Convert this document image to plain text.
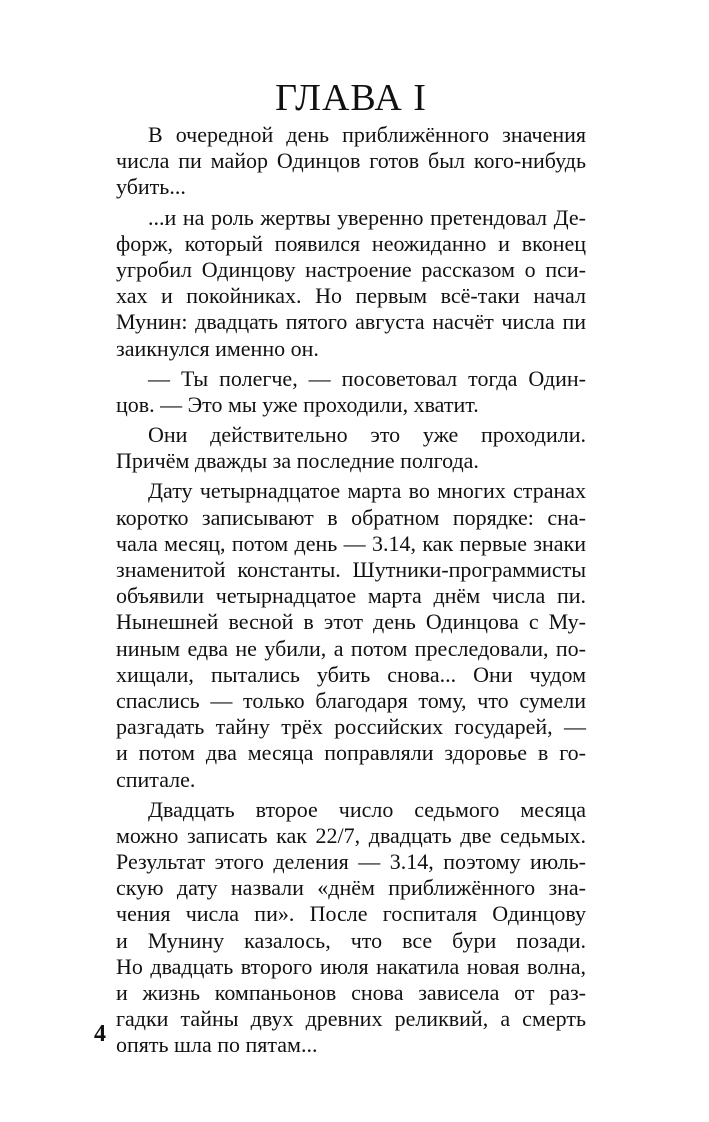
ГЛАВА I
В очередной день приближённого значения
числа пи майор Одинцов готов был кого-нибудь
убить...
...и на роль жертвы уверенно претендовал Де-
форж, который появился неожиданно и вконец
угробил Одинцову настроение рассказом о пси-
хах и покойниках. Но первым всё-таки начал
Мунин: двадцать пятого августа насчёт числа пи
заикнулся именно он.
— Ты полегче, — посоветовал тогда Один-
цов. — Это мы уже проходили, хватит.
Они действительно это уже проходили.
Причём дважды за последние полгода.
Дату четырнадцатое марта во многих странах
коротко записывают в обратном порядке: сна-
чала месяц, потом день — 3.14, как первые знаки
знаменитой константы. Шутники-программисты
объявили четырнадцатое марта днём числа пи.
Нынешней весной в этот день Одинцова с Му-
ниным едва не убили, а потом преследовали, по-
хищали, пытались убить снова... Они чудом
спаслись — только благодаря тому, что сумели
разгадать тайну трёх российских государей, —
и потом два месяца поправляли здоровье в го-
спитале.
Двадцать второе число седьмого месяца
можно записать как 22/7, двадцать две седьмых.
Результат этого деления — 3.14, поэтому июль-
скую дату назвали «днём приближённого зна-
чения числа пи». После госпиталя Одинцову
и Мунину казалось, что все бури позади.
Но двадцать второго июля накатила новая волна,
и жизнь компаньонов снова зависела от раз-
гадки тайны двух древних реликвий, а смерть
опять шла по пятам...
4
